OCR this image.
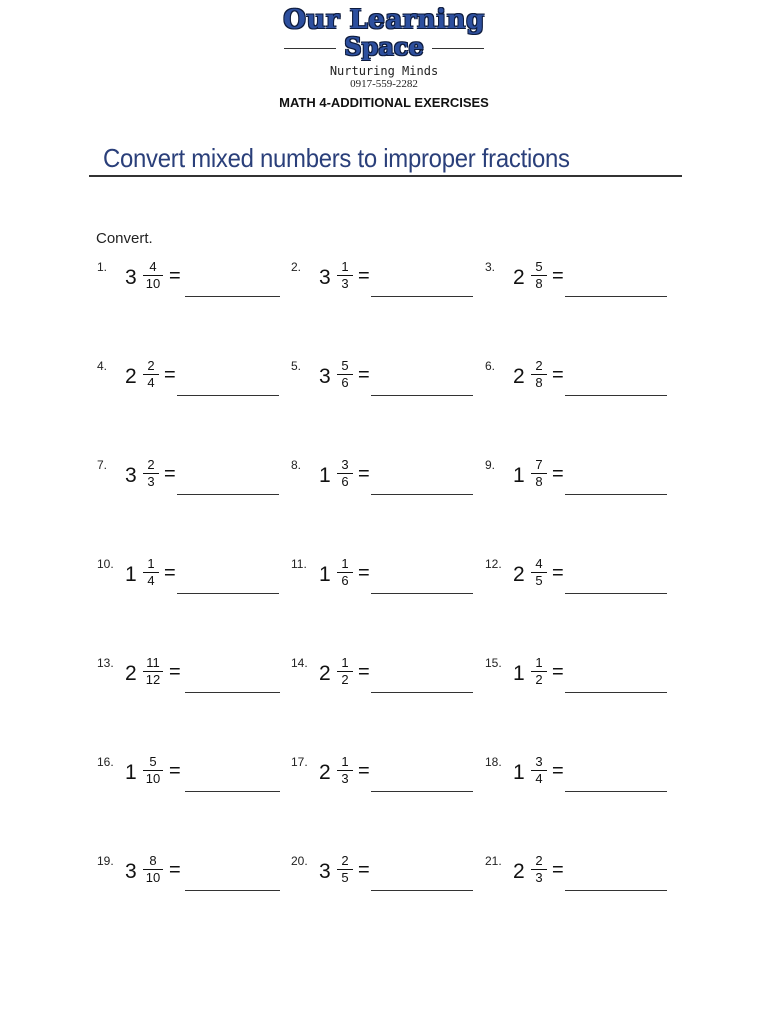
Our Learning
Space
Nurturing Minds
0917-559-2282
MATH 4-ADDITIONAL EXERCISES
Convert mixed numbers to improper fractions
Convert.
1. 3 4
10 =	2. 3 1
3 =	3. 2 5
8 =
4. 2 2
4 =	5. 3 5
6 =	6. 2 2
8 =
7. 3 2
3 =	8. 1 3
6 =	9. 1 7
8 =
10. 1 1
4 =	11. 1 1
6 =	12. 2 4
5 =
13. 2 11
12 =	14. 2 1
2 =	15. 1 1
2 =
16. 1 5
10 =	17. 2 1
3 =	18. 1 3
4 =
19. 3 8
10 =	20. 3 2
5 =	21. 2 2
3 =
